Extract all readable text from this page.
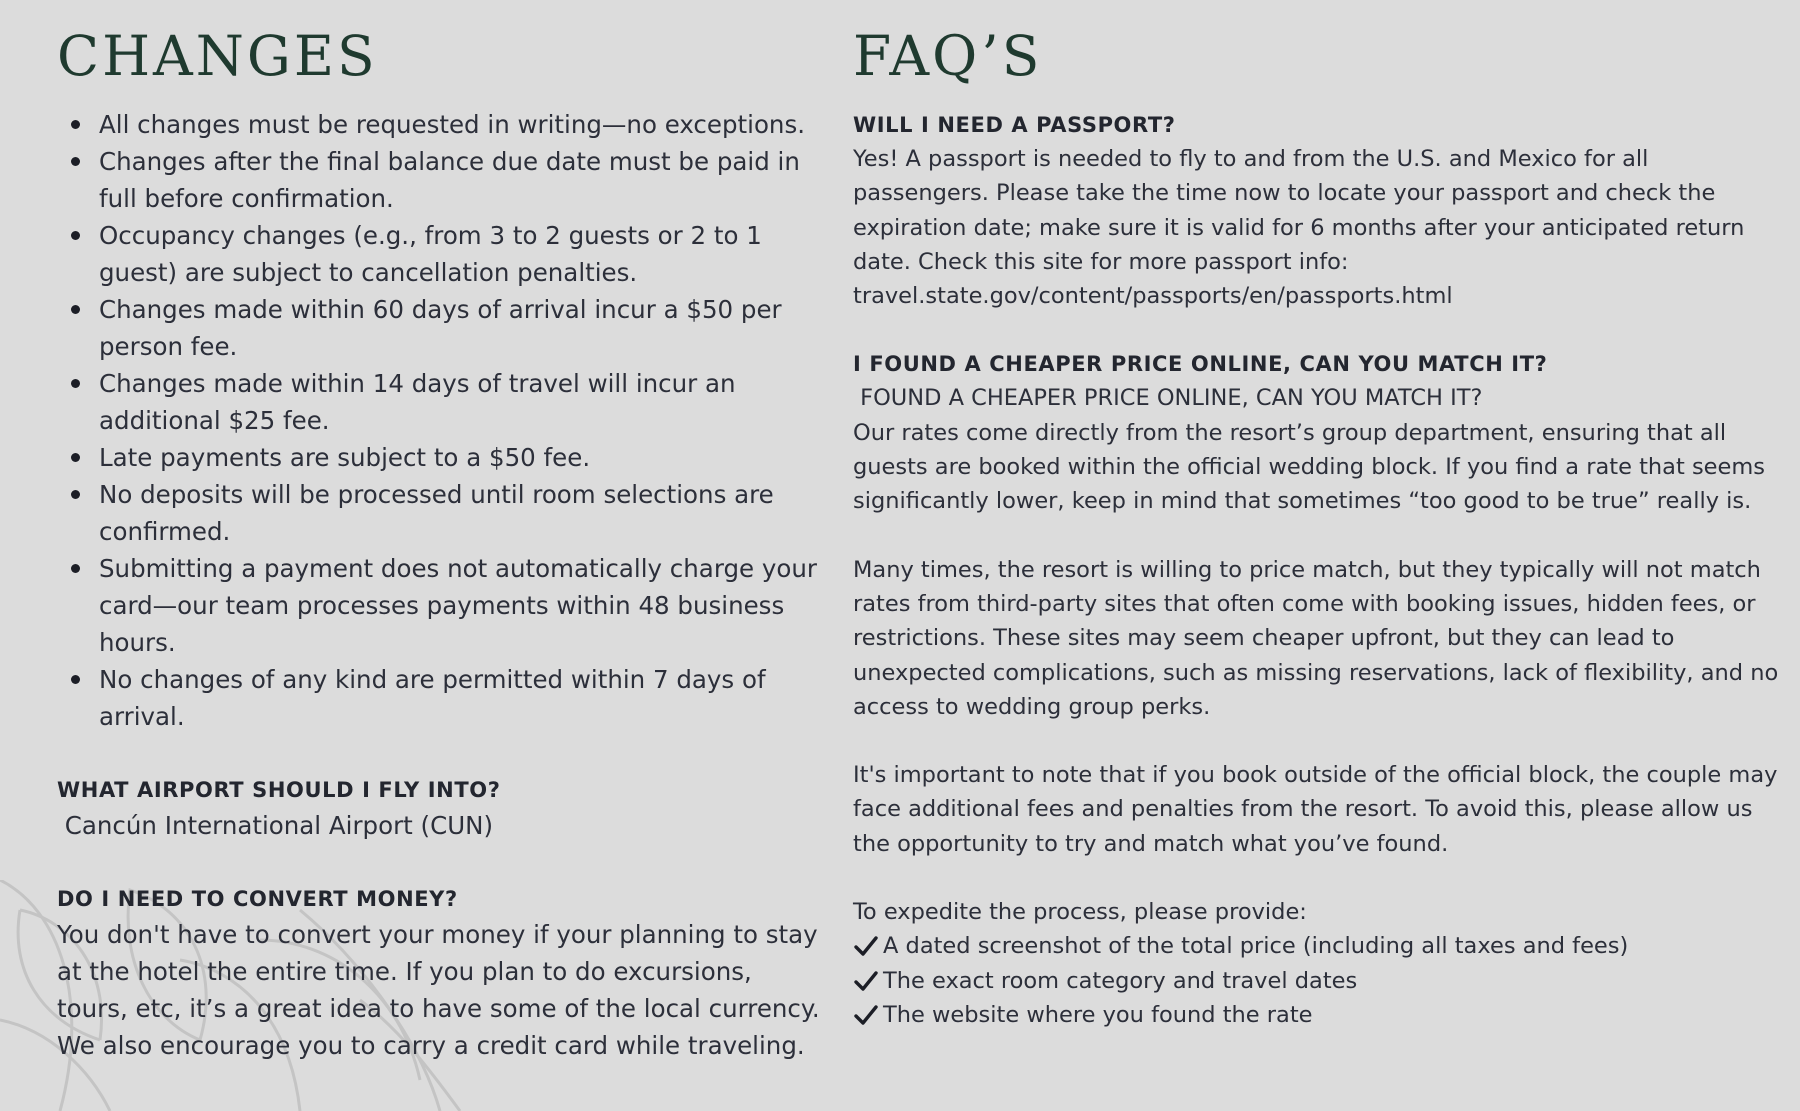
CHANGES
All changes must be requested in writing—no exceptions.
Changes after the final balance due date must be paid in full before confirmation.
Occupancy changes (e.g., from 3 to 2 guests or 2 to 1 guest) are subject to cancellation penalties.
Changes made within 60 days of arrival incur a $50 per person fee.
Changes made within 14 days of travel will incur an additional $25 fee.
Late payments are subject to a $50 fee.
No deposits will be processed until room selections are confirmed.
Submitting a payment does not automatically charge your card—our team processes payments within 48 business hours.
No changes of any kind are permitted within 7 days of arrival.

WHAT AIRPORT SHOULD I FLY INTO?

Cancún International Airport (CUN)

DO I NEED TO CONVERT MONEY?

You don't have to convert your money if your planning to stay at the hotel the entire time. If you plan to do excursions, tours, etc, it’s a great idea to have some of the local currency. We also encourage you to carry a credit card while traveling.

FAQ’S

WILL I NEED A PASSPORT?

Yes! A passport is needed to fly to and from the U.S. and Mexico for all passengers. Please take the time now to locate your passport and check the expiration date; make sure it is valid for 6 months after your anticipated return date. Check this site for more passport info: travel.state.gov/content/passports/en/passports.html

I FOUND A CHEAPER PRICE ONLINE, CAN YOU MATCH IT?

FOUND A CHEAPER PRICE ONLINE, CAN YOU MATCH IT?

Our rates come directly from the resort’s group department, ensuring that all guests are booked within the official wedding block. If you find a rate that seems significantly lower, keep in mind that sometimes “too good to be true” really is.

Many times, the resort is willing to price match, but they typically will not match rates from third-party sites that often come with booking issues, hidden fees, or restrictions. These sites may seem cheaper upfront, but they can lead to unexpected complications, such as missing reservations, lack of flexibility, and no access to wedding group perks.

It's important to note that if you book outside of the official block, the couple may face additional fees and penalties from the resort. To avoid this, please allow us the opportunity to try and match what you’ve found.

To expedite the process, please provide:

A dated screenshot of the total price (including all taxes and fees)
The exact room category and travel dates
The website where you found the rate
